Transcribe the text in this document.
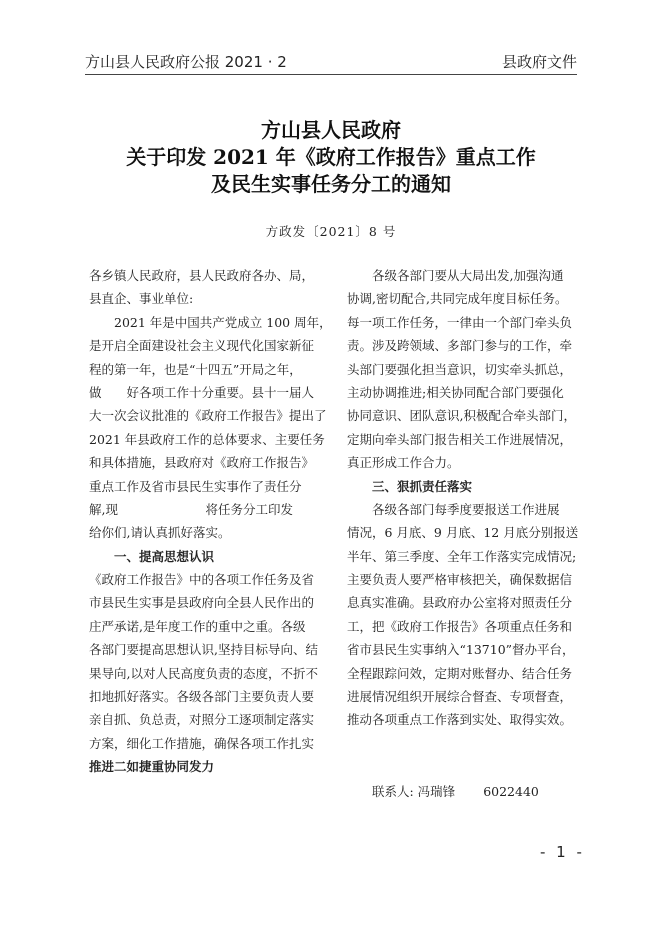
方山县人民政府公报 2021 · 2	县政府文件
方山县人民政府
关于印发 2021 年《政府工作报告》重点工作
及民生实事任务分工的通知
方政发〔2021〕8 号
各乡镇人民政府，县人民政府各办、局，
县直企、事业单位:
2021 年是中国共产党成立 100 周年，
是开启全面建设社会主义现代化国家新征
程的第一年，也是“十四五”开局之年，
做　　好各项工作十分重要。县十一届人
大一次会议批准的《政府工作报告》提出了
2021 年县政府工作的总体要求、主要任务
和具体措施，县政府对《政府工作报告》
重点工作及省市县民生实事作了责任分
解,现　　　　　　　将任务分工印发
给你们,请认真抓好落实。
一、提高思想认识
《政府工作报告》中的各项工作任务及省
市县民生实事是县政府向全县人民作出的
庄严承诺,是年度工作的重中之重。各级
各部门要提高思想认识,坚持目标导向、结
果导向,以对人民高度负责的态度，不折不
扣地抓好落实。各级各部门主要负责人要
亲自抓、负总责，对照分工逐项制定落实
方案，细化工作措施，确保各项工作扎实
推进二如捷重协同发力
各级各部门要从大局出发,加强沟通
协调,密切配合,共同完成年度目标任务。
每一项工作任务，一律由一个部门牵头负
责。涉及跨领域、多部门参与的工作，牵
头部门要强化担当意识，切实牵头抓总，
主动协调推进;相关协同配合部门要强化
协同意识、团队意识,积极配合牵头部门，
定期向牵头部门报告相关工作进展情况，
真正形成工作合力。
三、狠抓责任落实
各级各部门每季度要报送工作进展
情况，6 月底、9 月底、12 月底分别报送
半年、第三季度、全年工作落实完成情况;
主要负责人要严格审核把关，确保数据信
息真实准确。县政府办公室将对照责任分
工，把《政府工作报告》各项重点任务和
省市县民生实事纳入“13710”督办平台，
全程跟踪问效，定期对账督办、结合任务
进展情况组织开展综合督查、专项督查，
推动各项重点工作落到实处、取得实效。
联系人: 冯瑞锋 6022440
- 1 -
